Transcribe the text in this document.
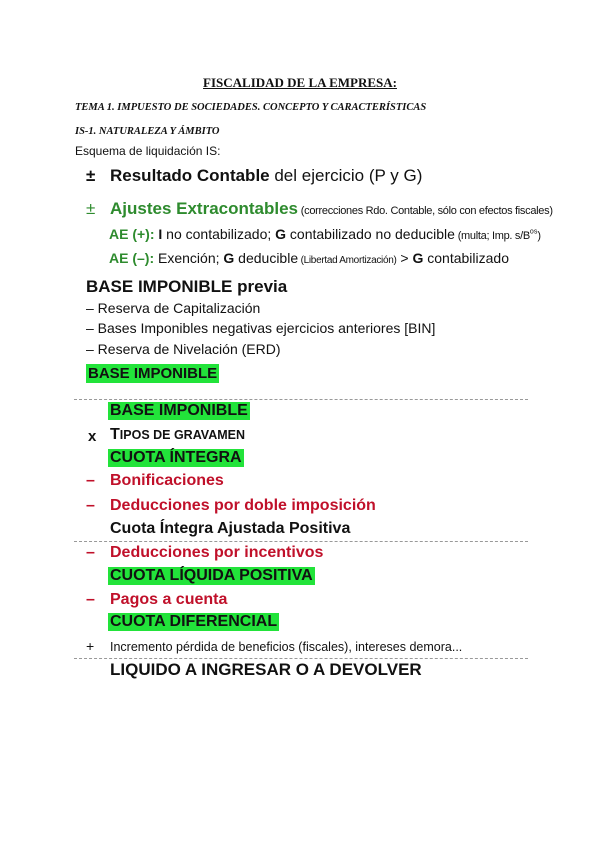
FISCALIDAD DE LA EMPRESA:
TEMA 1. IMPUESTO DE SOCIEDADES. CONCEPTO Y CARACTERÍSTICAS
IS-1. NATURALEZA Y ÁMBITO
Esquema de liquidación IS:
± Resultado Contable del ejercicio (P y G)
± Ajustes Extracontables (correcciones Rdo. Contable, sólo con efectos fiscales)
AE (+): I no contabilizado; G contabilizado no deducible (multa; Imp. $s/B^{os}$)
AE (–): Exención; G deducible (Libertad Amortización) > G contabilizado
BASE IMPONIBLE previa
– Reserva de Capitalización
– Bases Imponibles negativas ejercicios anteriores [BIN]
– Reserva de Nivelación (ERD)
BASE IMPONIBLE
BASE IMPONIBLE
x TIPOS DE GRAVAMEN
CUOTA ÍNTEGRA
– Bonificaciones
– Deducciones por doble imposición
Cuota Íntegra Ajustada Positiva
– Deducciones por incentivos
CUOTA LÍQUIDA POSITIVA
– Pagos a cuenta
CUOTA DIFERENCIAL
+ Incremento pérdida de beneficios (fiscales), intereses demora...
LIQUIDO A INGRESAR O A DEVOLVER
